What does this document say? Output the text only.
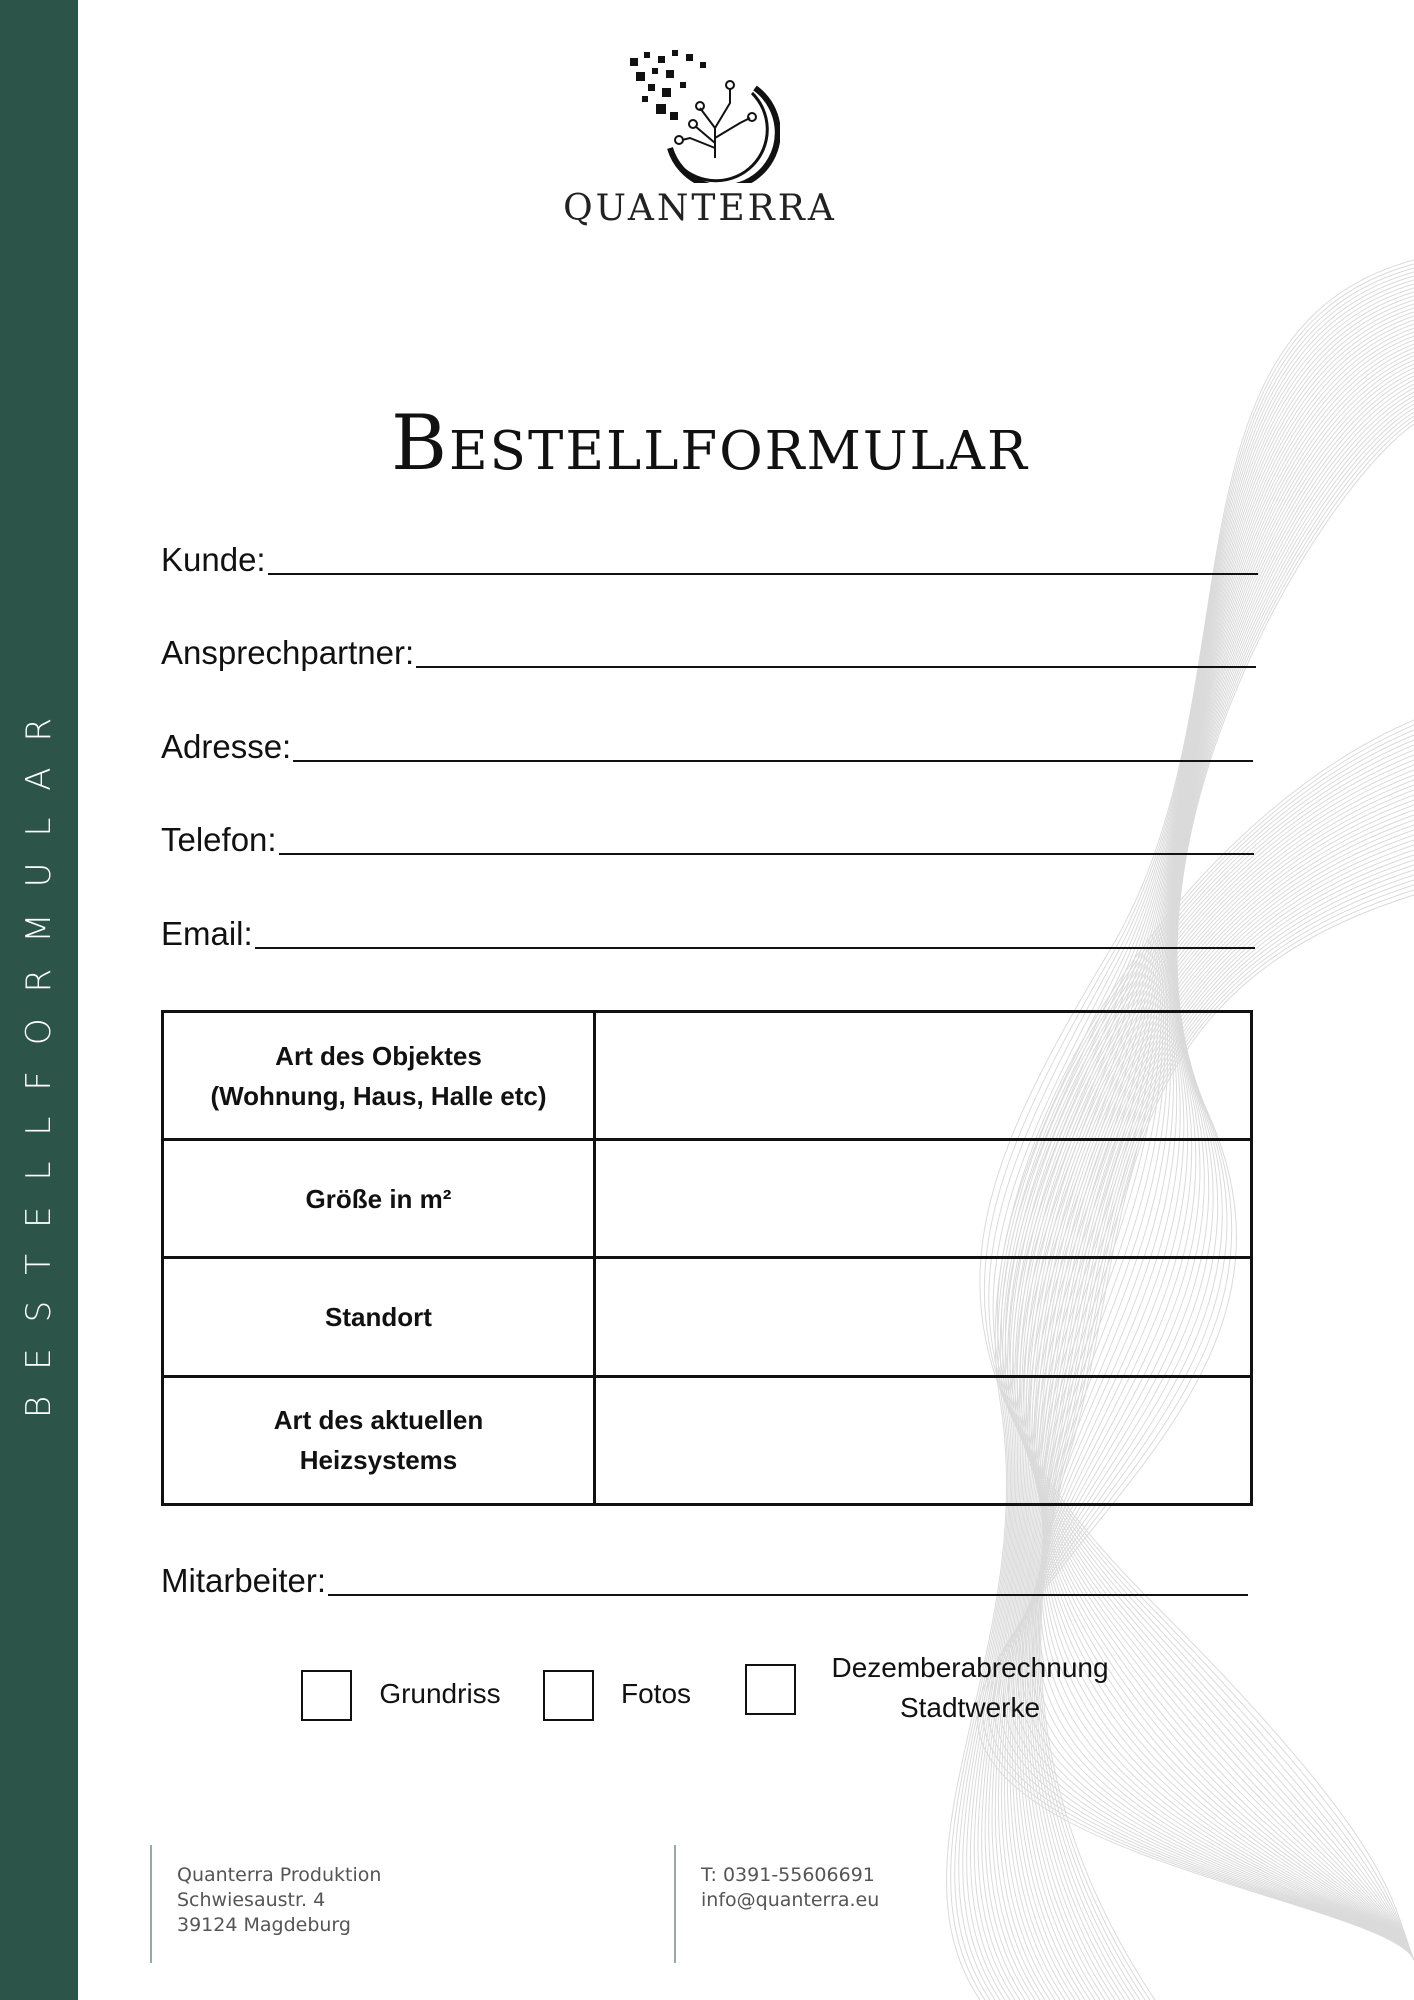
BESTELLFORMULAR
QUANTERRA
Bestellformular
Kunde:
Ansprechpartner:
Adresse:
Telefon:
Email:
Art des Objektes
(Wohnung, Haus, Halle etc)	

Größe in m²	

Standort	

Art des aktuellen
Heizsystems	

Mitarbeiter:
Grundriss	Fotos
Dezemberabrechnung
Stadtwerke
Quanterra Produktion
Schwiesaustr. 4
39124 Magdeburg
T: 0391-55606691
info@quanterra.eu
